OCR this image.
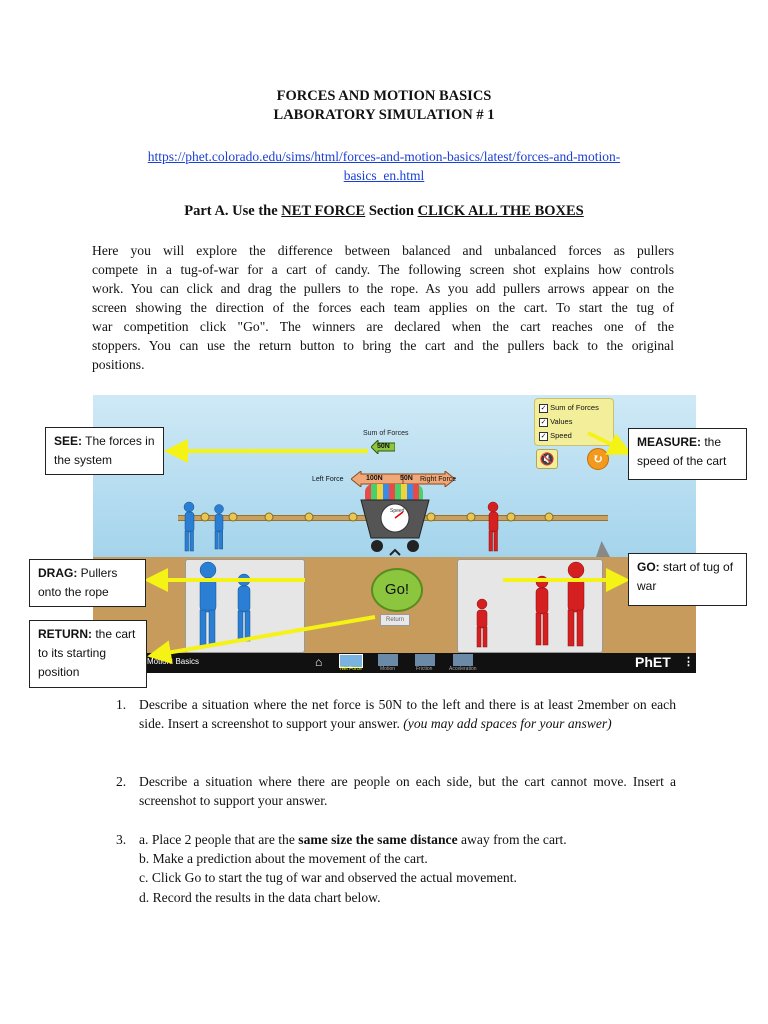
FORCES AND MOTION BASICS
LABORATORY SIMULATION # 1
https://phet.colorado.edu/sims/html/forces-and-motion-basics/latest/forces-and-motion-
basics_en.html
Part A. Use the NET FORCE Section CLICK ALL THE BOXES
Here you will explore the difference between balanced and unbalanced forces as pullers
compete in a tug-of-war for a cart of candy. The following screen shot explains how controls
work. You can click and drag the pullers to the rope. As you add pullers arrows appear on the
screen showing the direction of the forces each team applies on the cart. To start the tug of
war competition click "Go". The winners are declared when the cart reaches one of the
stoppers. You can use the return button to bring the cart and the pullers back to the original
positions.
✓ Sum of Forces
✓ Values
✓ Speed
🔇	↻
Sum of Forces
50N
Left Force	100N 50N Right Force
Speed
Go!
Return
Motion: Basics	⌂	Net Force	Motion	Friction	Acceleration	PhET ⋮
SEE: The forces in the system
MEASURE: the speed of the cart
DRAG: Pullers onto the rope
GO: start of tug of war
RETURN: the cart to its starting position
1. Describe a situation where the net force is 50N to the left and there is at least 2member on each side. Insert a screenshot to support your answer. (you may add spaces for your answer)
2. Describe a situation where there are people on each side, but the cart cannot move. Insert a screenshot to support your answer.
3. a. Place 2 people that are the same size the same distance away from the cart.
b. Make a prediction about the movement of the cart.
c. Click Go to start the tug of war and observed the actual movement.
d. Record the results in the data chart below.
